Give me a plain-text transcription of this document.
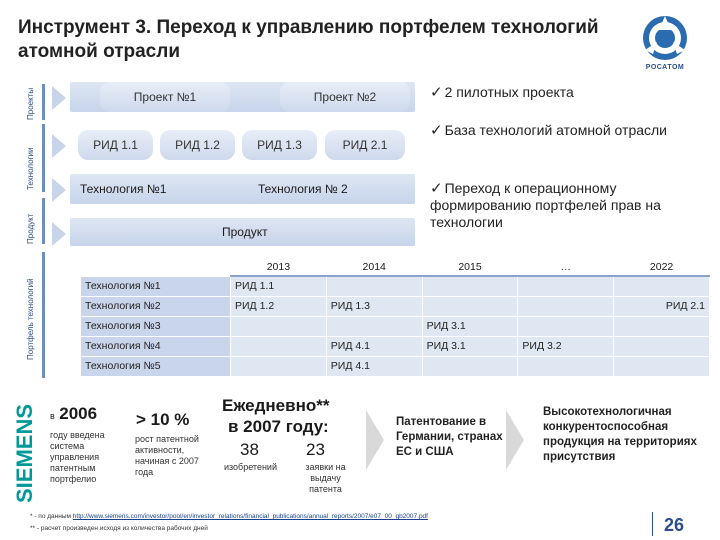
Инструмент 3. Переход к управлению портфелем технологий атомной отрасли
РОСАТОМ
Проекты
Технологии
Продукт
Портфель технологий
Проект №1	Проект №2
РИД 1.1	РИД 1.2	РИД 1.3	РИД 2.1
Технология №1	Технология № 2
Продукт
✓ 2 пилотных проекта
✓ База технологий атомной отрасли
✓ Переход к операционному формированию портфелей прав на технологии
	2013	2014	2015	…	2022
Технология №1	РИД 1.1				
Технология №2	РИД 1.2	РИД 1.3			РИД 2.1
Технология №3			РИД 3.1		
Технология №4		РИД 4.1	РИД 3.1	РИД 3.2	
Технология №5		РИД 4.1			
SIEMENS в 2006
году введена система управления патентным портфелио
> 10 %
рост патентной активности, начиная с 2007 года
Ежедневно**
в 2007 году:
38	23
изобретений	заявки на выдачу патента
Патентование в Германии, странах ЕС и США
Высокотехнологичная конкурентоспособная продукция на территориях присутствия
* - по данным http://www.siemens.com/investor/pool/en/investor_relations/financial_publications/annual_reports/2007/e07_00_gb2007.pdf
** - расчет произведен исходя из количества рабочих дней	26
